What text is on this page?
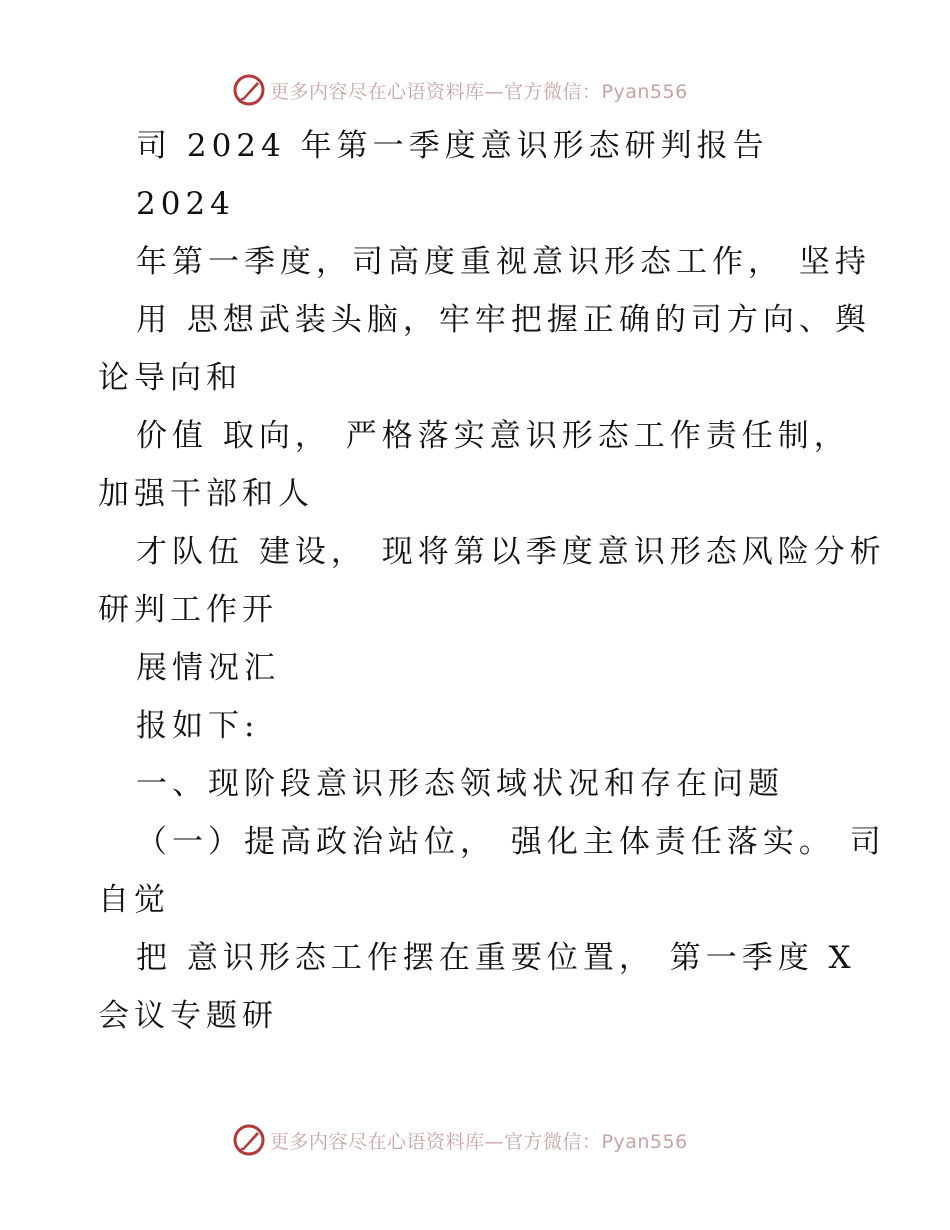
更多内容尽在心语资料库—官方微信：Pyan556
司 2024 年第一季度意识形态研判报告
2024
年第一季度，司高度重视意识形态工作， 坚持
用 思想武装头脑，牢牢把握正确的司方向、舆
论导向和
价值 取向， 严格落实意识形态工作责任制，
加强干部和人
才队伍 建设， 现将第以季度意识形态风险分析
研判工作开
展情况汇
报如下:
一、现阶段意识形态领域状况和存在问题
（一）提高政治站位， 强化主体责任落实。 司
自觉
把 意识形态工作摆在重要位置， 第一季度 X
会议专题研
更多内容尽在心语资料库—官方微信：Pyan556
